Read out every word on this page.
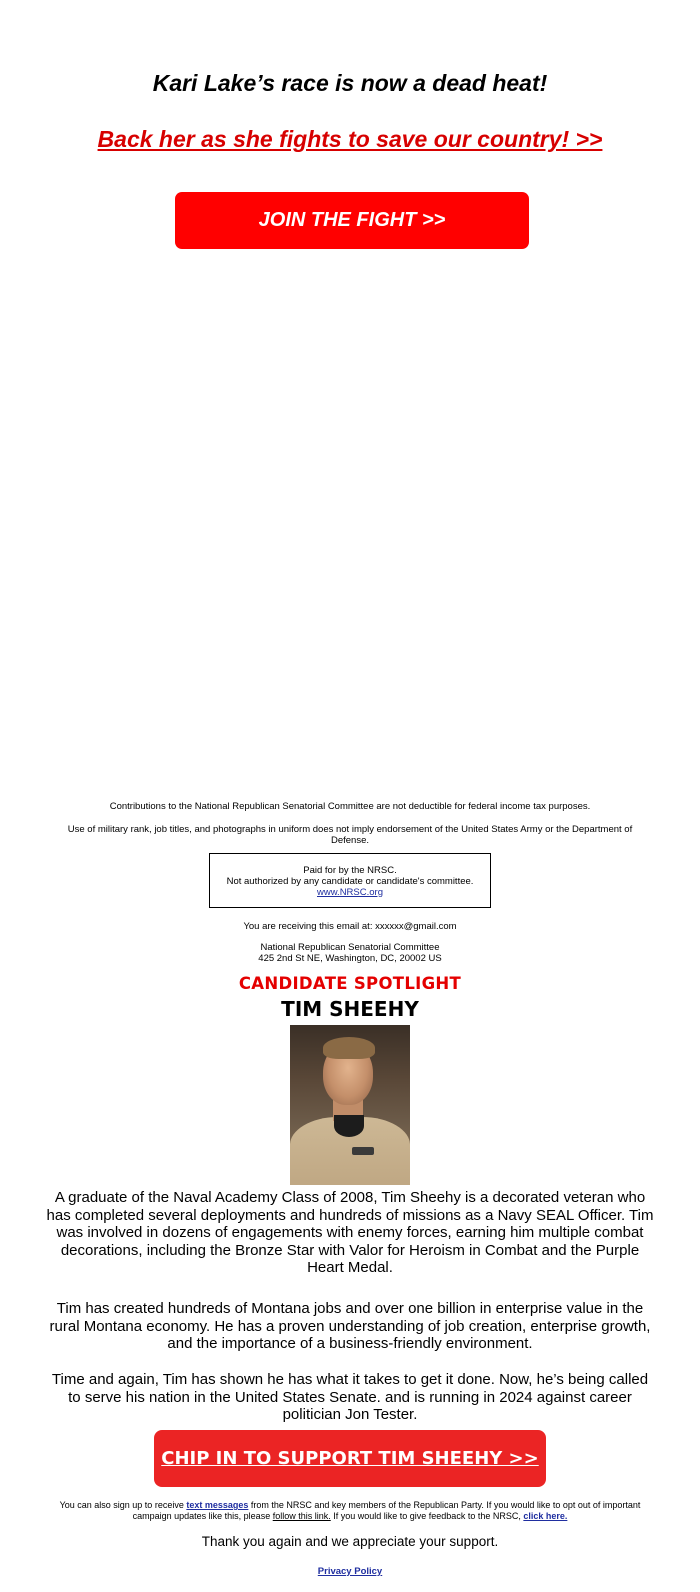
Kari Lake’s race is now a dead heat!
Back her as she fights to save our country! >>
JOIN THE FIGHT >>
Contributions to the National Republican Senatorial Committee are not deductible for federal income tax purposes.
Use of military rank, job titles, and photographs in uniform does not imply endorsement of the United States Army or the Department of Defense.
Paid for by the NRSC.
Not authorized by any candidate or candidate's committee.
www.NRSC.org
You are receiving this email at: xxxxxx@gmail.com
National Republican Senatorial Committee
425 2nd St NE, Washington, DC, 20002 US
CANDIDATE SPOTLIGHT
TIM SHEEHY
A graduate of the Naval Academy Class of 2008, Tim Sheehy is a decorated veteran who has completed several deployments and hundreds of missions as a Navy SEAL Officer. Tim was involved in dozens of engagements with enemy forces, earning him multiple combat decorations, including the Bronze Star with Valor for Heroism in Combat and the Purple Heart Medal.
Tim has created hundreds of Montana jobs and over one billion in enterprise value in the rural Montana economy. He has a proven understanding of job creation, enterprise growth, and the importance of a business-friendly environment.
Time and again, Tim has shown he has what it takes to get it done. Now, he’s being called to serve his nation in the United States Senate. and is running in 2024 against career politician Jon Tester.
CHIP IN TO SUPPORT TIM SHEEHY >>
You can also sign up to receive text messages from the NRSC and key members of the Republican Party. If you would like to opt out of important campaign updates like this, please follow this link. If you would like to give feedback to the NRSC, click here.
Thank you again and we appreciate your support.
Privacy Policy
